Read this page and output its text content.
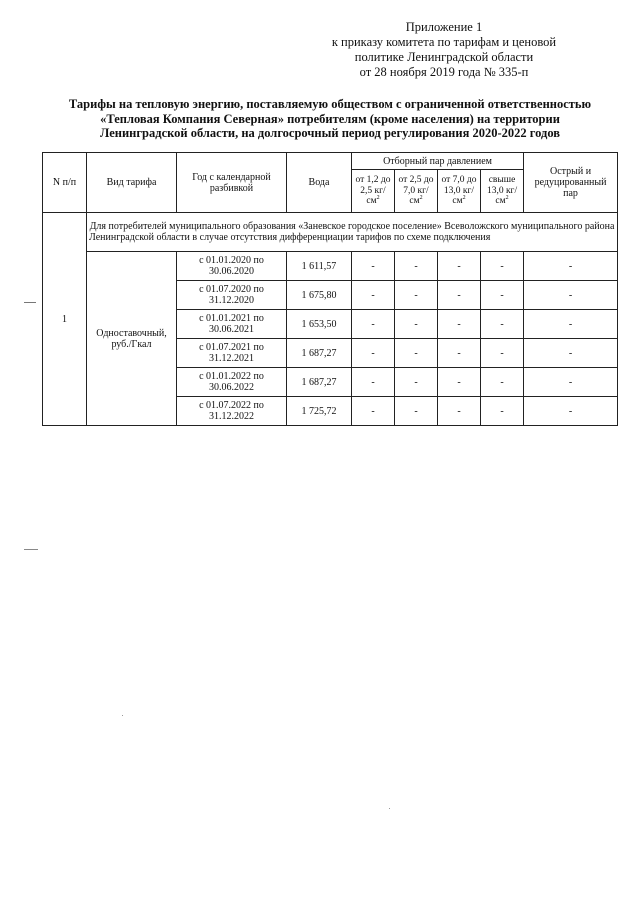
Приложение 1
к приказу комитета по тарифам и ценовой
политике Ленинградской области
от 28 ноября 2019 года № 335-п
Тарифы на тепловую энергию, поставляемую обществом с ограниченной ответственностью
«Тепловая Компания Северная» потребителям (кроме населения) на территории
Ленинградской области, на долгосрочный период регулирования 2020-2022 годов
N п/п	Вид тарифа	Год с календарной разбивкой	Вода	Отборный пар давлением				Острый и редуцированный пар
				от 1,2 до 2,5 $кг/см^2$	от 2,5 до 7,0 $кг/см^2$	от 7,0 до 13,0 $кг/см^2$	свыше 13,0 $кг/см^2$
1	Для потребителей муниципального образования «Заневское городское поселение» Всеволожского муниципального района Ленинградской области в случае отсутствия дифференциации тарифов по схеме подключения							
	Одноставочный, руб./Гкал	с 01.01.2020 по 30.06.2020	1 611,57	-	-	-	-	-
		с 01.07.2020 по 31.12.2020	1 675,80	-	-	-	-	-
		с 01.01.2021 по 30.06.2021	1 653,50	-	-	-	-	-
		с 01.07.2021 по 31.12.2021	1 687,27	-	-	-	-	-
		с 01.01.2022 по 30.06.2022	1 687,27	-	-	-	-	-
		с 01.07.2022 по 31.12.2022	1 725,72	-	-	-	-	-
